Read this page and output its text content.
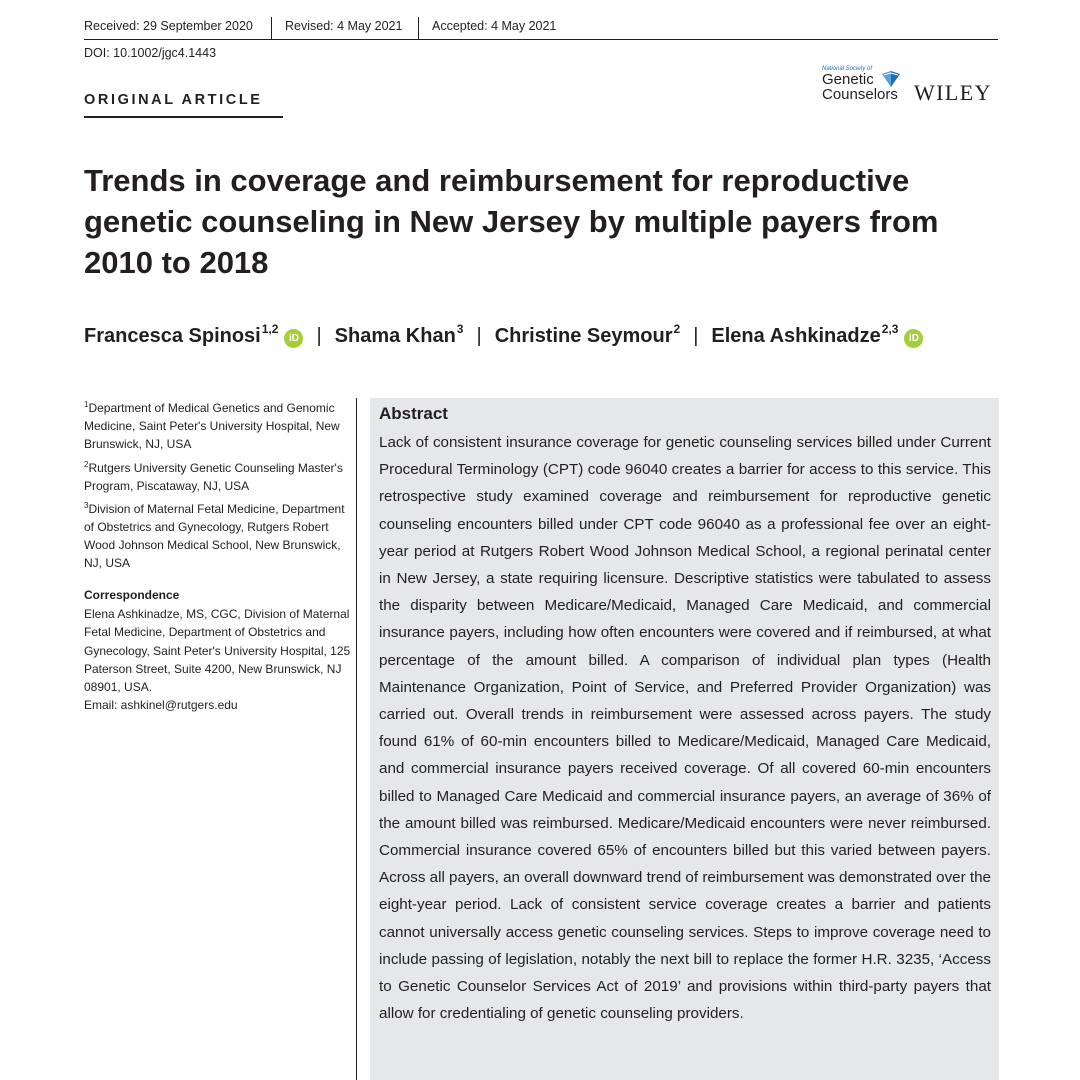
Received: 29 September 2020	Revised: 4 May 2021 Accepted: 4 May 2021
DOI: 10.1002/jgc4.1443
ORIGINAL ARTICLE
National Society of
Genetic
Counselors WILEY
Trends in coverage and reimbursement for reproductive genetic counseling in New Jersey by multiple payers from 2010 to 2018
Francesca Spinosi$^{1,2}$iD | Shama Khan$^3$ | Christine Seymour$^2$ | Elena Ashkinadze$^{2,3}$iD
$^1$Department of Medical Genetics and Genomic Medicine, Saint Peter's University Hospital, New Brunswick, NJ, USA
$^2$Rutgers University Genetic Counseling Master's Program, Piscataway, NJ, USA
$^3$Division of Maternal Fetal Medicine, Department of Obstetrics and Gynecology, Rutgers Robert Wood Johnson Medical School, New Brunswick, NJ, USA
Correspondence
Elena Ashkinadze, MS, CGC, Division of Maternal Fetal Medicine, Department of Obstetrics and Gynecology, Saint Peter's University Hospital, 125 Paterson Street, Suite 4200, New Brunswick, NJ 08901, USA.
Email: ashkinel@rutgers.edu
Abstract
Lack of consistent insurance coverage for genetic counseling services billed under Current Procedural Terminology (CPT) code 96040 creates a barrier for access to this service. This retrospective study examined coverage and reimbursement for reproductive genetic counseling encounters billed under CPT code 96040 as a professional fee over an eight-year period at Rutgers Robert Wood Johnson Medical School, a regional perinatal center in New Jersey, a state requiring licensure. Descriptive statistics were tabulated to assess the disparity between Medicare/Medicaid, Managed Care Medicaid, and commercial insurance payers, including how often encounters were covered and if reimbursed, at what percentage of the amount billed. A comparison of individual plan types (Health Maintenance Organization, Point of Service, and Preferred Provider Organization) was carried out. Overall trends in reimbursement were assessed across payers. The study found 61% of 60-min encounters billed to Medicare/Medicaid, Managed Care Medicaid, and commercial insurance payers received coverage. Of all covered 60-min encounters billed to Managed Care Medicaid and commercial insurance payers, an average of 36% of the amount billed was reimbursed. Medicare/Medicaid encounters were never reimbursed. Commercial insurance covered 65% of encounters billed but this varied between payers. Across all payers, an overall downward trend of reimbursement was demonstrated over the eight-year period. Lack of consistent service coverage creates a barrier and patients cannot universally access genetic counseling services. Steps to improve coverage need to include passing of legislation, notably the next bill to replace the former H.R. 3235, ‘Access to Genetic Counselor Services Act of 2019’ and provisions within third-party payers that allow for credentialing of genetic counseling providers.
